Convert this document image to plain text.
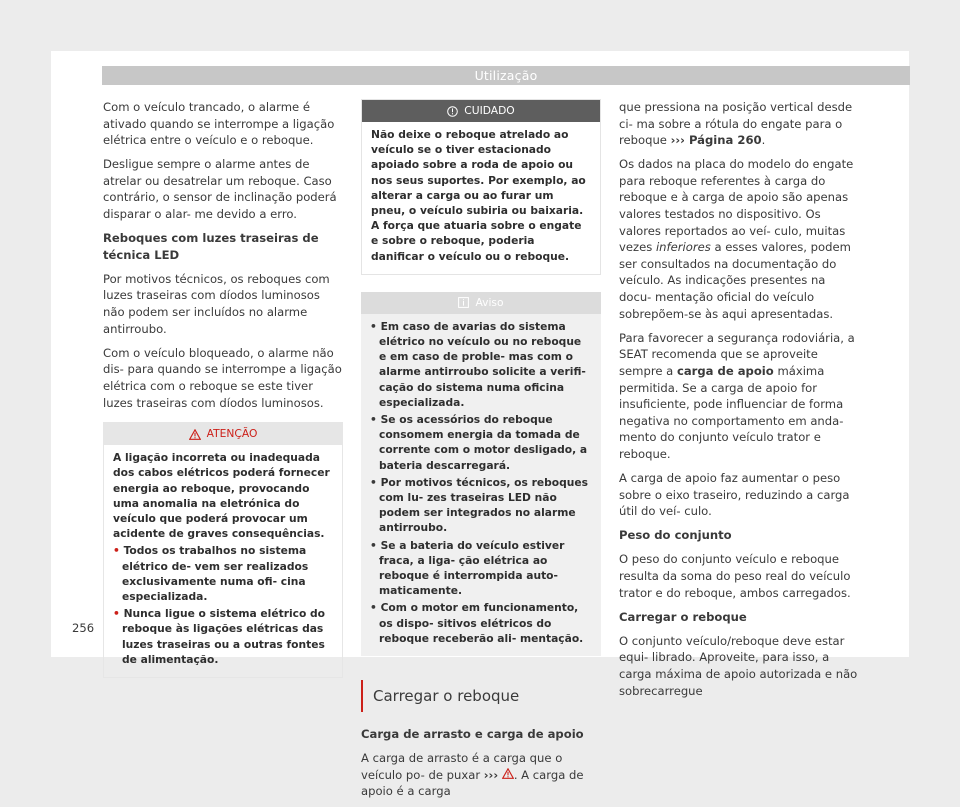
Utilização

Com o veículo trancado, o alarme é ativado quando se interrompe a ligação elétrica entre o veículo e o reboque.

Desligue sempre o alarme antes de atrelar ou desatrelar um reboque. Caso contrário, o sensor de inclinação poderá disparar o alar- me devido a erro.

Reboques com luzes traseiras de técnica LED

Por motivos técnicos, os reboques com luzes traseiras com díodos luminosos não podem ser incluídos no alarme antirroubo.

Com o veículo bloqueado, o alarme não dis- para quando se interrompe a ligação elétrica com o reboque se este tiver luzes traseiras com díodos luminosos.

ATENÇÃO

A ligação incorreta ou inadequada dos cabos elétricos poderá fornecer energia ao reboque, provocando uma anomalia na eletrónica do veículo que poderá provocar um acidente de graves consequências.

• Todos os trabalhos no sistema elétrico de- vem ser realizados exclusivamente numa ofi- cina especializada.

• Nunca ligue o sistema elétrico do reboque às ligações elétricas das luzes traseiras ou a outras fontes de alimentação.

CUIDADO

Não deixe o reboque atrelado ao veículo se o tiver estacionado apoiado sobre a roda de apoio ou nos seus suportes. Por exemplo, ao alterar a carga ou ao furar um pneu, o veículo subiria ou baixaria. A força que atuaria sobre o engate e sobre o reboque, poderia danificar o veículo ou o reboque.

Aviso

• Em caso de avarias do sistema elétrico no veículo ou no reboque e em caso de proble- mas com o alarme antirroubo solicite a verifi- cação do sistema numa oficina especializada.

• Se os acessórios do reboque consomem energia da tomada de corrente com o motor desligado, a bateria descarregará.

• Por motivos técnicos, os reboques com lu- zes traseiras LED não podem ser integrados no alarme antirroubo.

• Se a bateria do veículo estiver fraca, a liga- ção elétrica ao reboque é interrompida auto- maticamente.

• Com o motor em funcionamento, os dispo- sitivos elétricos do reboque receberão ali- mentação.

Carregar o reboque

Carga de arrasto e carga de apoio

A carga de arrasto é a carga que o veículo po- de puxar ››› . A carga de apoio é a carga

que pressiona na posição vertical desde ci- ma sobre a rótula do engate para o reboque ››› Página 260.

Os dados na placa do modelo do engate para reboque referentes à carga do reboque e à carga de apoio são apenas valores testados no dispositivo. Os valores reportados ao veí- culo, muitas vezes inferiores a esses valores, podem ser consultados na documentação do veículo. As indicações presentes na docu- mentação oficial do veículo sobrepõem-se às aqui apresentadas.

Para favorecer a segurança rodoviária, a SEAT recomenda que se aproveite sempre a carga de apoio máxima permitida. Se a carga de apoio for insuficiente, pode influenciar de forma negativa no comportamento em anda- mento do conjunto veículo trator e reboque.

A carga de apoio faz aumentar o peso sobre o eixo traseiro, reduzindo a carga útil do veí- culo.

Peso do conjunto

O peso do conjunto veículo e reboque resulta da soma do peso real do veículo trator e do reboque, ambos carregados.

Carregar o reboque

O conjunto veículo/reboque deve estar equi- librado. Aproveite, para isso, a carga máxima de apoio autorizada e não sobrecarregue

256
